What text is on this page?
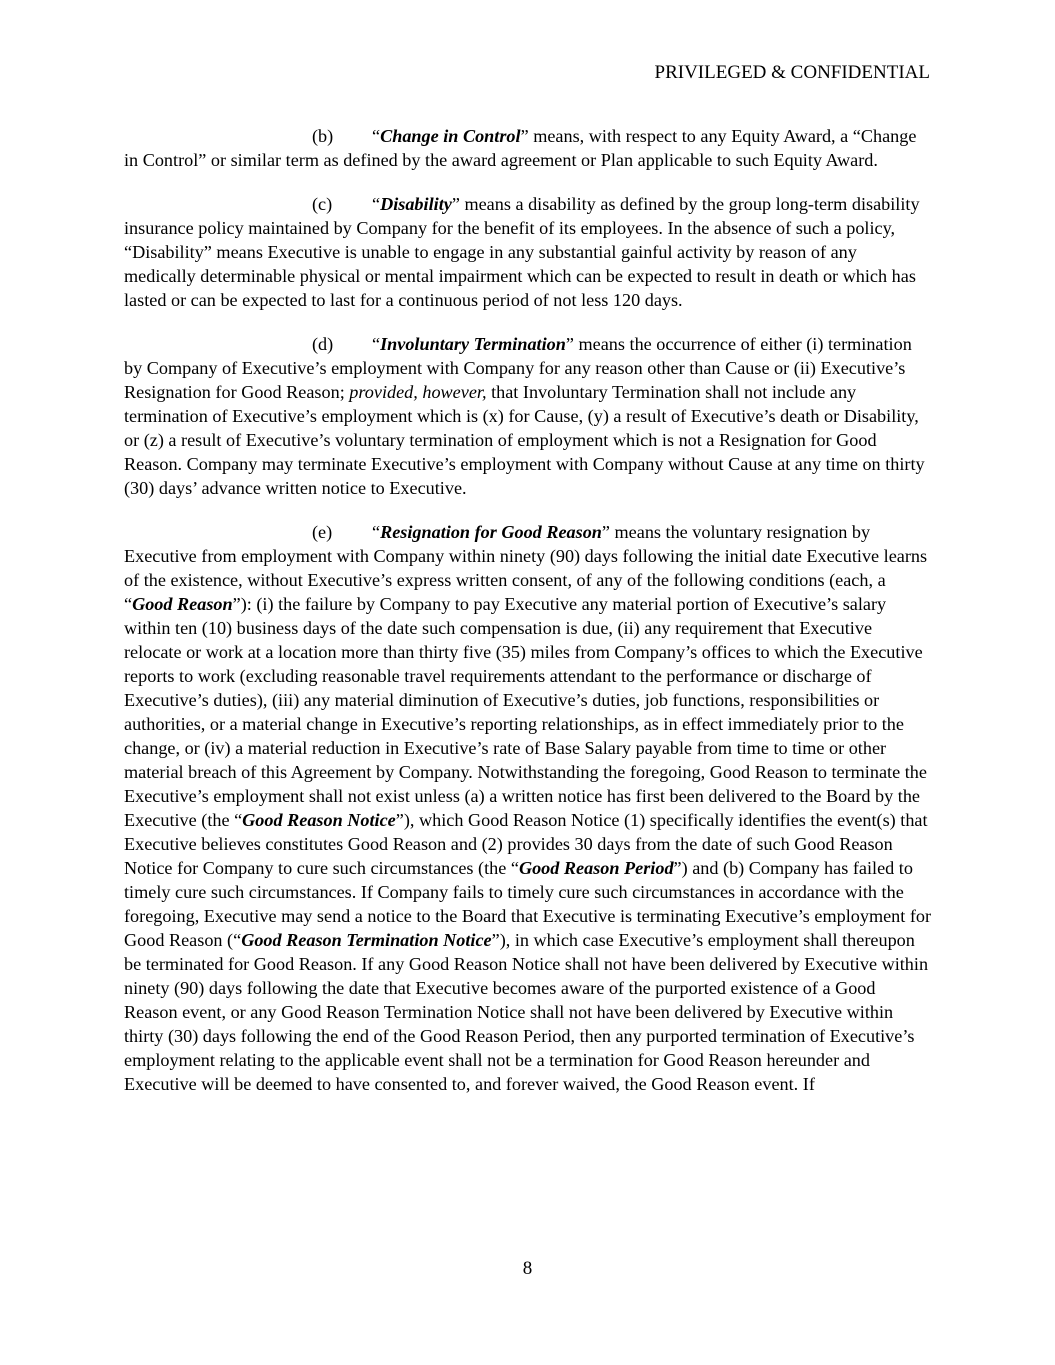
PRIVILEGED & CONFIDENTIAL

(b) “Change in Control” means, with respect to any Equity Award, a “Change in Control” or similar term as defined by the award agreement or Plan applicable to such Equity Award.

(c) “Disability” means a disability as defined by the group long-term disability insurance policy maintained by Company for the benefit of its employees. In the absence of such a policy, “Disability” means Executive is unable to engage in any substantial gainful activity by reason of any medically determinable physical or mental impairment which can be expected to result in death or which has lasted or can be expected to last for a continuous period of not less 120 days.

(d) “Involuntary Termination” means the occurrence of either (i) termination by Company of Executive’s employment with Company for any reason other than Cause or (ii) Executive’s Resignation for Good Reason; provided, however, that Involuntary Termination shall not include any termination of Executive’s employment which is (x) for Cause, (y) a result of Executive’s death or Disability, or (z) a result of Executive’s voluntary termination of employment which is not a Resignation for Good Reason. Company may terminate Executive’s employment with Company without Cause at any time on thirty (30) days’ advance written notice to Executive.

(e) “Resignation for Good Reason” means the voluntary resignation by Executive from employment with Company within ninety (90) days following the initial date Executive learns of the existence, without Executive’s express written consent, of any of the following conditions (each, a “Good Reason”): (i) the failure by Company to pay Executive any material portion of Executive’s salary within ten (10) business days of the date such compensation is due, (ii) any requirement that Executive relocate or work at a location more than thirty five (35) miles from Company’s offices to which the Executive reports to work (excluding reasonable travel requirements attendant to the performance or discharge of Executive’s duties), (iii) any material diminution of Executive’s duties, job functions, responsibilities or authorities, or a material change in Executive’s reporting relationships, as in effect immediately prior to the change, or (iv) a material reduction in Executive’s rate of Base Salary payable from time to time or other material breach of this Agreement by Company. Notwithstanding the foregoing, Good Reason to terminate the Executive’s employment shall not exist unless (a) a written notice has first been delivered to the Board by the Executive (the “Good Reason Notice”), which Good Reason Notice (1) specifically identifies the event(s) that Executive believes constitutes Good Reason and (2) provides 30 days from the date of such Good Reason Notice for Company to cure such circumstances (the “Good Reason Period”) and (b) Company has failed to timely cure such circumstances. If Company fails to timely cure such circumstances in accordance with the foregoing, Executive may send a notice to the Board that Executive is terminating Executive’s employment for Good Reason (“Good Reason Termination Notice”), in which case Executive’s employment shall thereupon be terminated for Good Reason. If any Good Reason Notice shall not have been delivered by Executive within ninety (90) days following the date that Executive becomes aware of the purported existence of a Good Reason event, or any Good Reason Termination Notice shall not have been delivered by Executive within thirty (30) days following the end of the Good Reason Period, then any purported termination of Executive’s employment relating to the applicable event shall not be a termination for Good Reason hereunder and Executive will be deemed to have consented to, and forever waived, the Good Reason event. If

8
